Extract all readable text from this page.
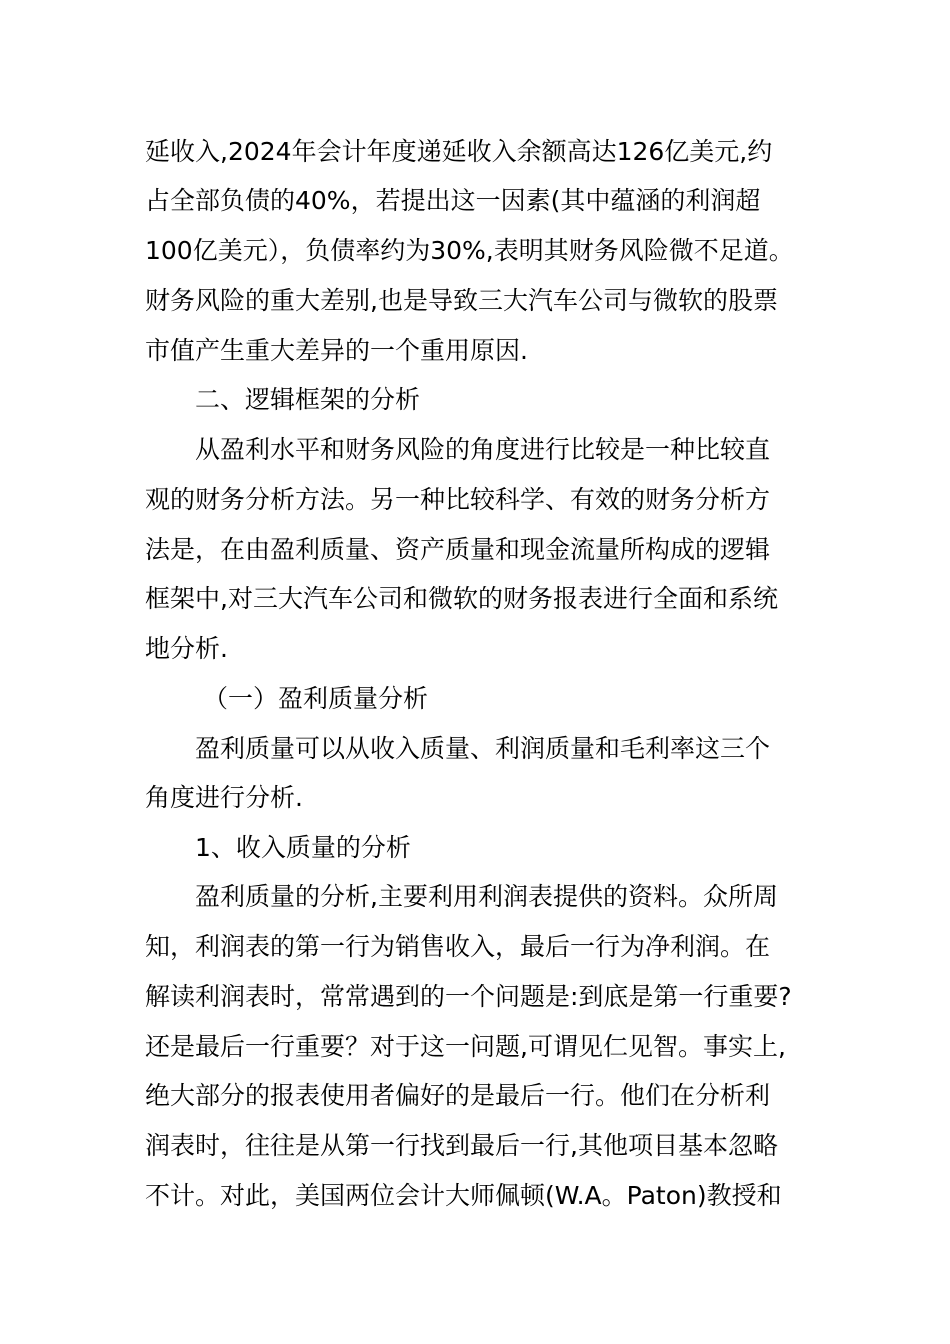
延收入,2024年会计年度递延收入余额高达126亿美元,约
占全部负债的40%，若提出这一因素(其中蕴涵的利润超
100亿美元），负债率约为30%,表明其财务风险微不足道。
财务风险的重大差别,也是导致三大汽车公司与微软的股票
市值产生重大差异的一个重用原因.
二、逻辑框架的分析
从盈利水平和财务风险的角度进行比较是一种比较直
观的财务分析方法。另一种比较科学、有效的财务分析方
法是，在由盈利质量、资产质量和现金流量所构成的逻辑
框架中,对三大汽车公司和微软的财务报表进行全面和系统
地分析.
（一）盈利质量分析
盈利质量可以从收入质量、利润质量和毛利率这三个
角度进行分析.
1、收入质量的分析
盈利质量的分析,主要利用利润表提供的资料。众所周
知，利润表的第一行为销售收入，最后一行为净利润。在
解读利润表时，常常遇到的一个问题是:到底是第一行重要?
还是最后一行重要？对于这一问题,可谓见仁见智。事实上,
绝大部分的报表使用者偏好的是最后一行。他们在分析利
润表时，往往是从第一行找到最后一行,其他项目基本忽略
不计。对此，美国两位会计大师佩顿(W.A。Paton)教授和
